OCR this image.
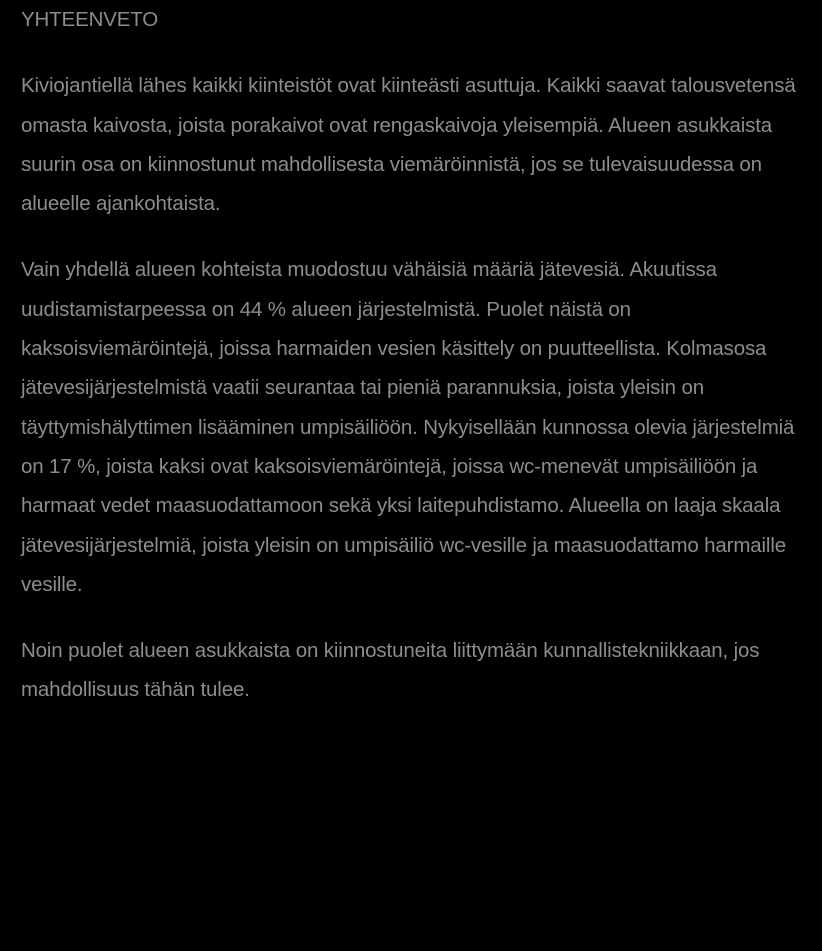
YHTEENVETO

Kiviojantiellä lähes kaikki kiinteistöt ovat kiinteästi asuttuja. Kaikki saavat talousvetensä omasta kaivosta, joista porakaivot ovat rengaskaivoja yleisempiä. Alueen asukkaista suurin osa on kiinnostunut mahdollisesta viemäröinnistä, jos se tulevaisuudessa on alueelle ajankohtaista.

Vain yhdellä alueen kohteista muodostuu vähäisiä määriä jätevesiä. Akuutissa uudistamistarpeessa on 44 % alueen järjestelmistä. Puolet näistä on kaksoisviemäröintejä, joissa harmaiden vesien käsittely on puutteellista. Kolmasosa jätevesijärjestelmistä vaatii seurantaa tai pieniä parannuksia, joista yleisin on täyttymishälyttimen lisääminen umpisäiliöön. Nykyisellään kunnossa olevia järjestelmiä on 17 %, joista kaksi ovat kaksoisviemäröintejä, joissa wc-menevät umpisäiliöön ja harmaat vedet maasuodattamoon sekä yksi laitepuhdistamo. Alueella on laaja skaala jätevesijärjestelmiä, joista yleisin on umpisäiliö wc-vesille ja maasuodattamo harmaille vesille.

Noin puolet alueen asukkaista on kiinnostuneita liittymään kunnallistekniikkaan, jos mahdollisuus tähän tulee.
